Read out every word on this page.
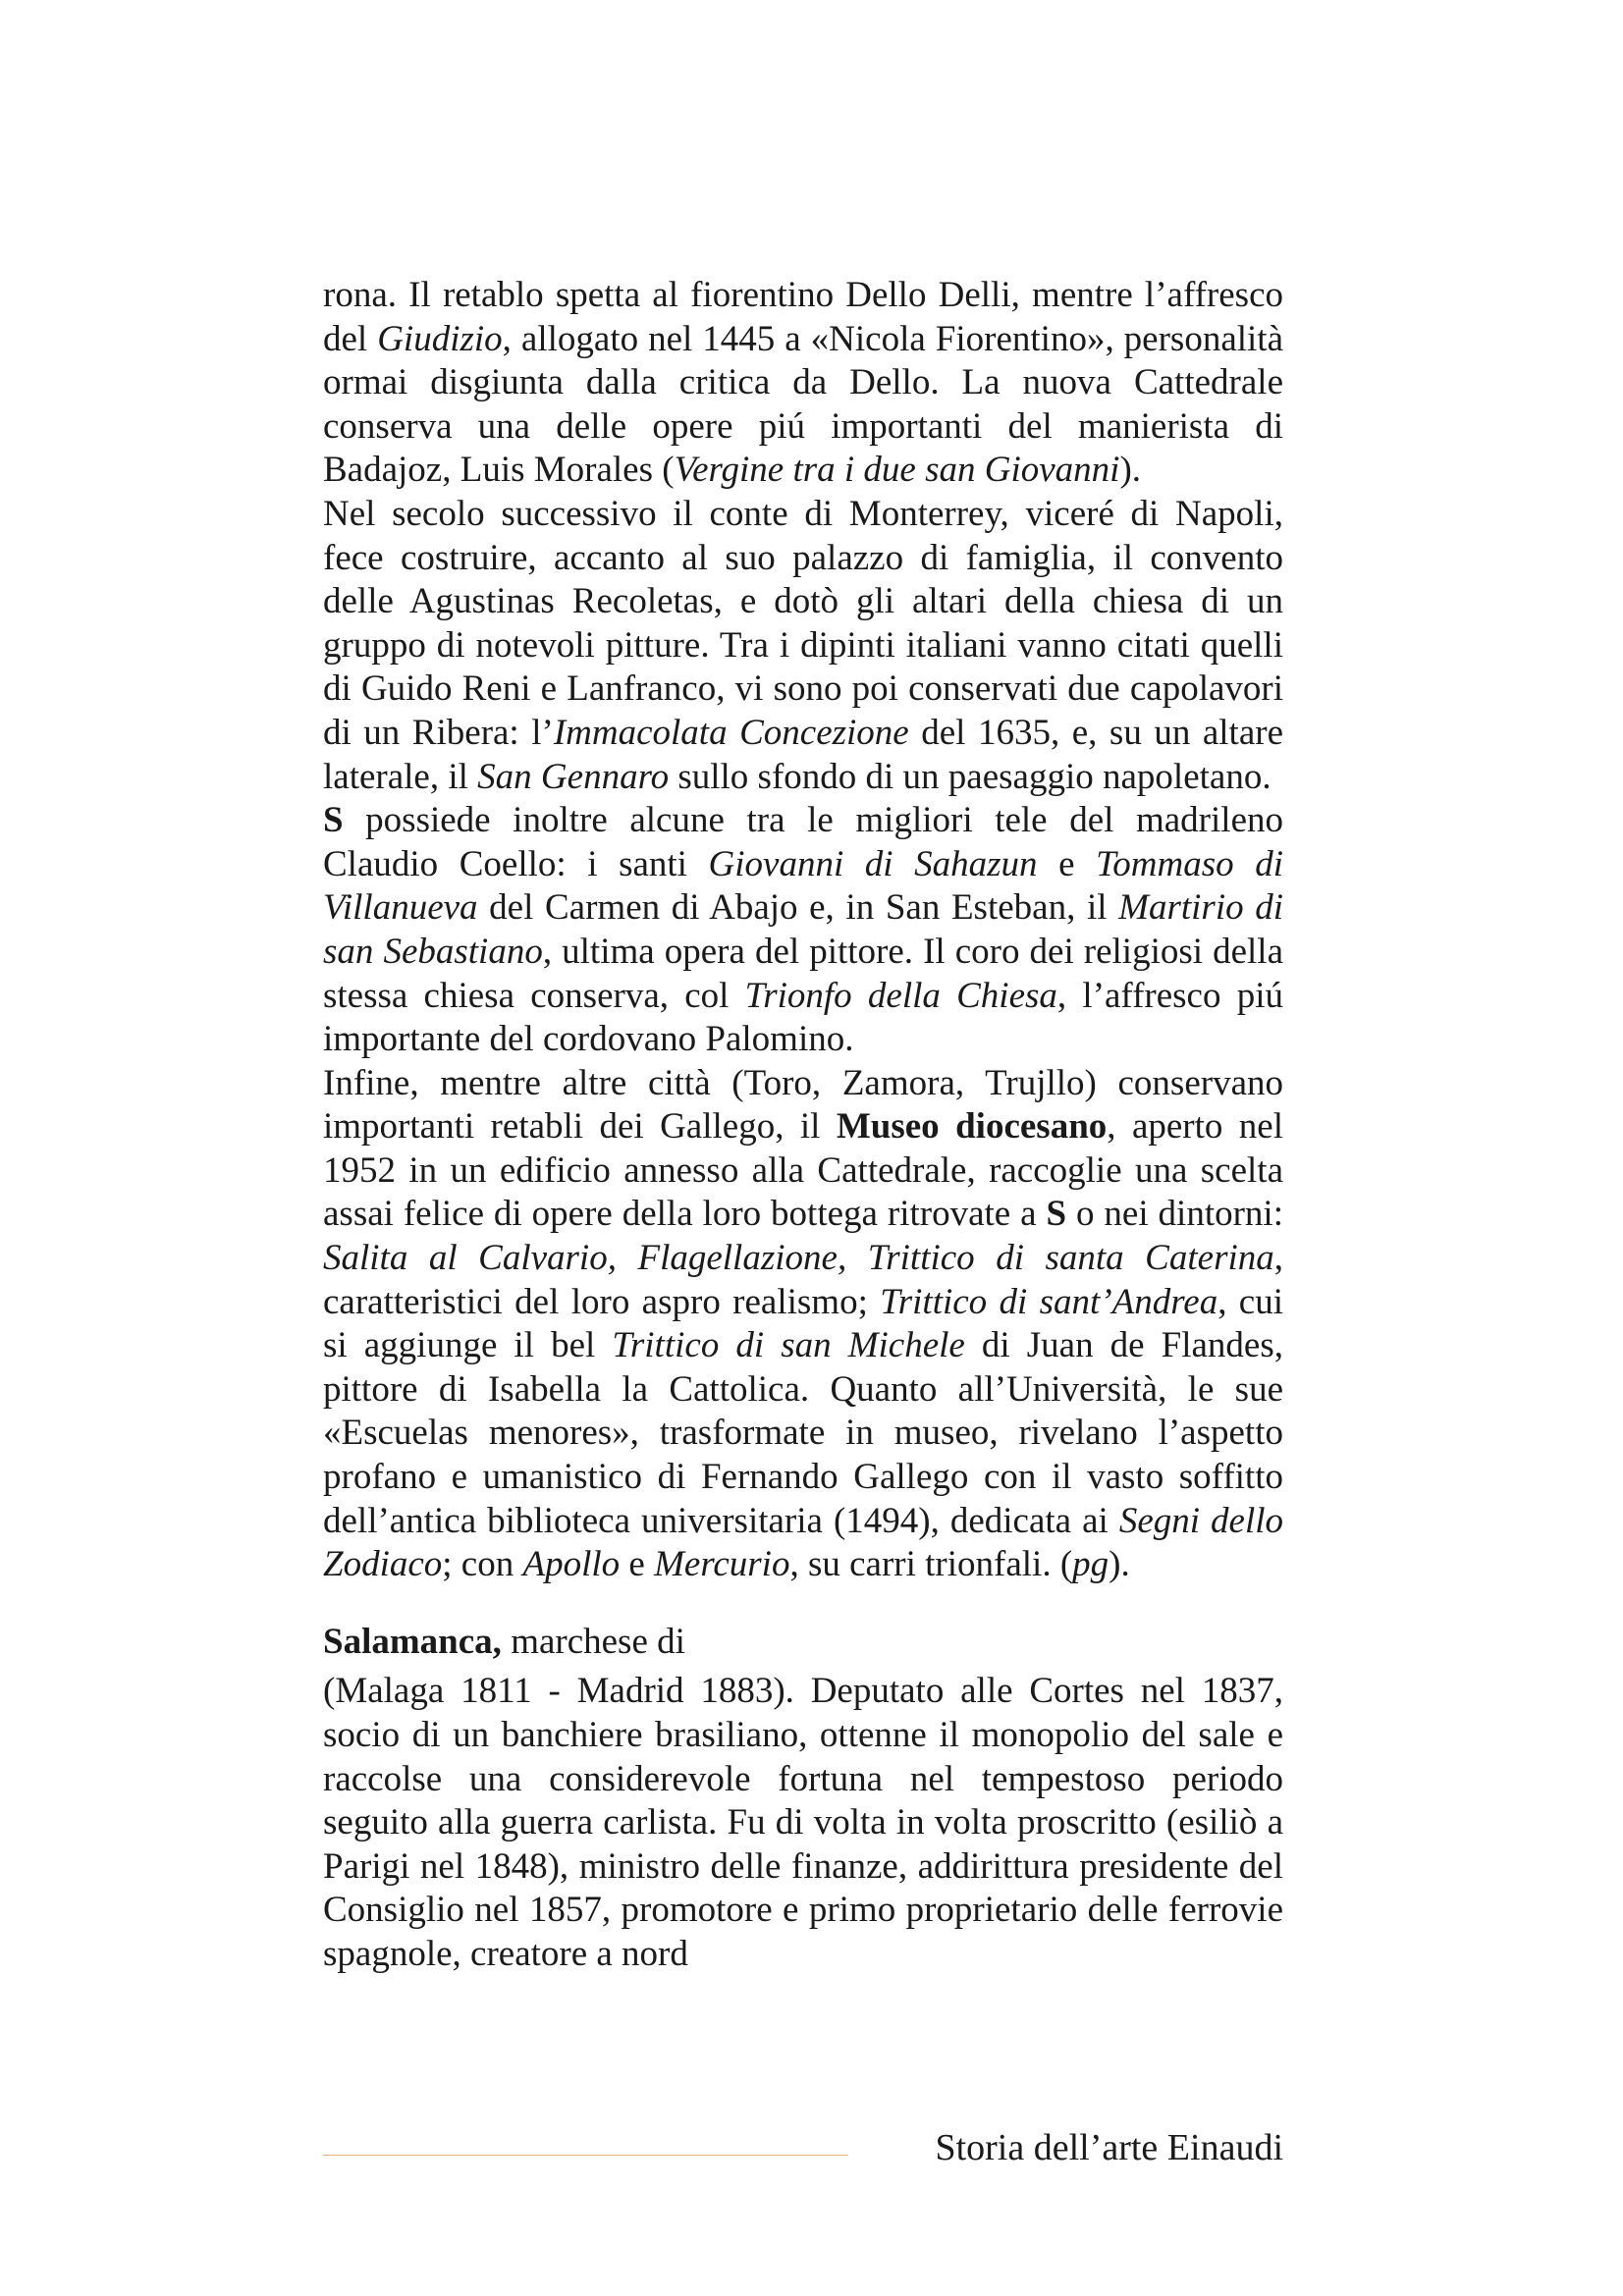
rona. Il retablo spetta al fiorentino Dello Delli, mentre l’affresco del Giudizio, allogato nel 1445 a «Nicola Fiorentino», personalità ormai disgiunta dalla critica da Dello. La nuova Cattedrale conserva una delle opere piú importanti del manierista di Badajoz, Luis Morales (Vergine tra i due san Giovanni).

Nel secolo successivo il conte di Monterrey, viceré di Napoli, fece costruire, accanto al suo palazzo di famiglia, il convento delle Agustinas Recoletas, e dotò gli altari della chiesa di un gruppo di notevoli pitture. Tra i dipinti italiani vanno citati quelli di Guido Reni e Lanfranco, vi sono poi conservati due capolavori di un Ribera: l’Immacolata Concezione del 1635, e, su un altare laterale, il San Gennaro sullo sfondo di un paesaggio napoletano.

S possiede inoltre alcune tra le migliori tele del madrileno Claudio Coello: i santi Giovanni di Sahazun e Tommaso di Villanueva del Carmen di Abajo e, in San Esteban, il Martirio di san Sebastiano, ultima opera del pittore. Il coro dei religiosi della stessa chiesa conserva, col Trionfo della Chiesa, l’affresco piú importante del cordovano Palomino.

Infine, mentre altre città (Toro, Zamora, Trujllo) conservano importanti retabli dei Gallego, il Museo diocesano, aperto nel 1952 in un edificio annesso alla Cattedrale, raccoglie una scelta assai felice di opere della loro bottega ritrovate a S o nei dintorni: Salita al Calvario, Flagellazione, Trittico di santa Caterina, caratteristici del loro aspro realismo; Trittico di sant’Andrea, cui si aggiunge il bel Trittico di san Michele di Juan de Flandes, pittore di Isabella la Cattolica. Quanto all’Università, le sue «Escuelas menores», trasformate in museo, rivelano l’aspetto profano e umanistico di Fernando Gallego con il vasto soffitto dell’antica biblioteca universitaria (1494), dedicata ai Segni dello Zodiaco; con Apollo e Mercurio, su carri trionfali. (pg).

Salamanca, marchese di

(Malaga 1811 - Madrid 1883). Deputato alle Cortes nel 1837, socio di un banchiere brasiliano, ottenne il monopolio del sale e raccolse una considerevole fortuna nel tempestoso periodo seguito alla guerra carlista. Fu di volta in volta proscritto (esiliò a Parigi nel 1848), ministro delle finanze, addirittura presidente del Consiglio nel 1857, promotore e primo proprietario delle ferrovie spagnole, creatore a nord

Storia dell’arte Einaudi
